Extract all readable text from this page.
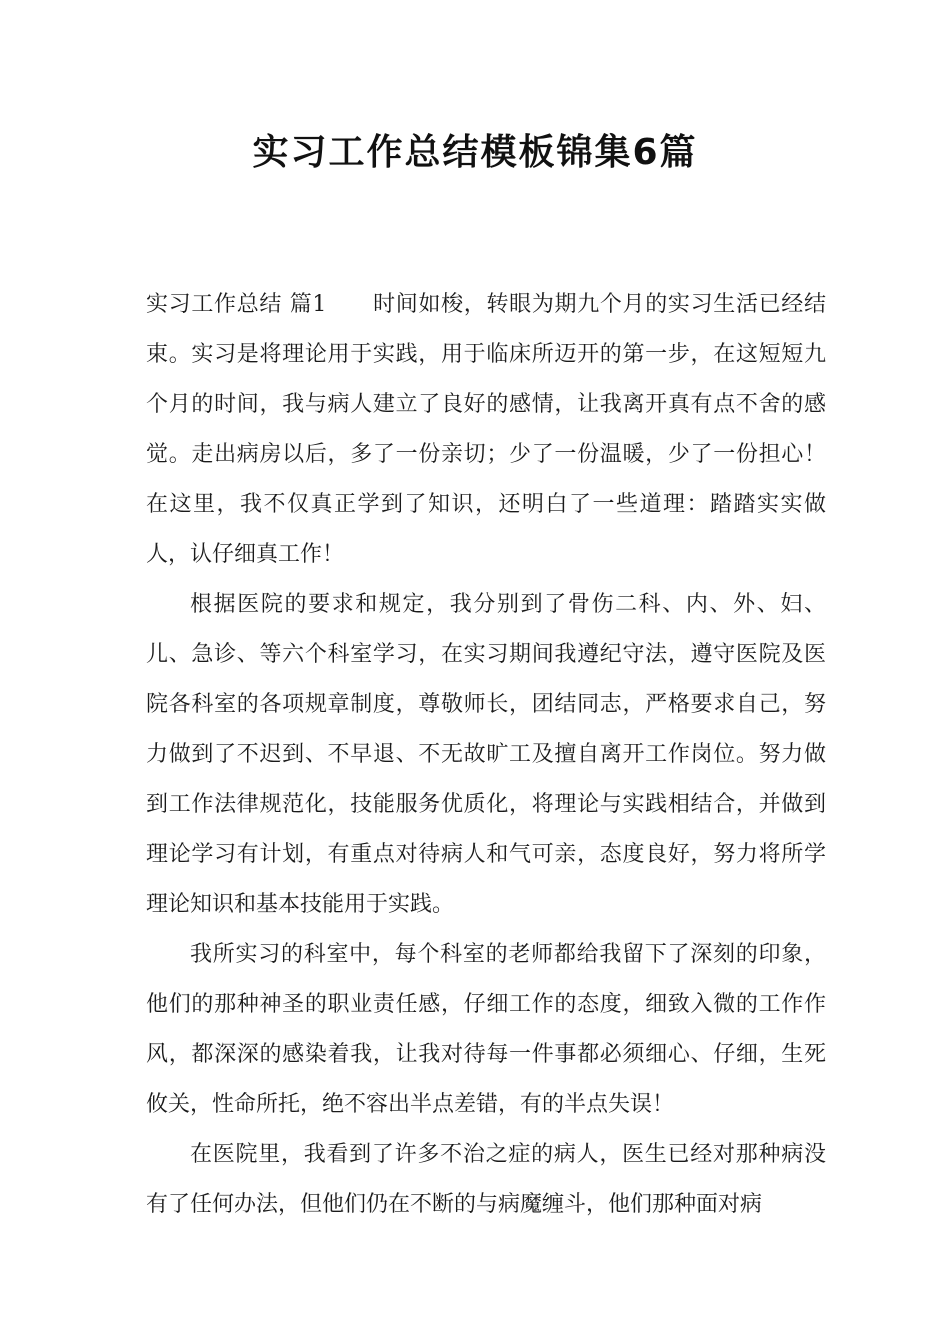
实习工作总结模板锦集6篇

实习工作总结 篇1 时间如梭，转眼为期九个月的实习生活已经结束。实习是将理论用于实践，用于临床所迈开的第一步，在这短短九个月的时间，我与病人建立了良好的感情，让我离开真有点不舍的感觉。走出病房以后，多了一份亲切；少了一份温暖，少了一份担心！在这里，我不仅真正学到了知识，还明白了一些道理：踏踏实实做人，认仔细真工作！

根据医院的要求和规定，我分别到了骨伤二科、内、外、妇、儿、急诊、等六个科室学习，在实习期间我遵纪守法，遵守医院及医院各科室的各项规章制度，尊敬师长，团结同志，严格要求自己，努力做到了不迟到、不早退、不无故旷工及擅自离开工作岗位。努力做到工作法律规范化，技能服务优质化，将理论与实践相结合，并做到理论学习有计划，有重点对待病人和气可亲，态度良好，努力将所学理论知识和基本技能用于实践。

我所实习的科室中，每个科室的老师都给我留下了深刻的印象，他们的那种神圣的职业责任感，仔细工作的态度，细致入微的工作作风，都深深的感染着我，让我对待每一件事都必须细心、仔细，生死攸关，性命所托，绝不容出半点差错，有的半点失误！

在医院里，我看到了许多不治之症的病人，医生已经对那种病没有了任何办法，但他们仍在不断的与病魔缠斗，他们那种面对病
